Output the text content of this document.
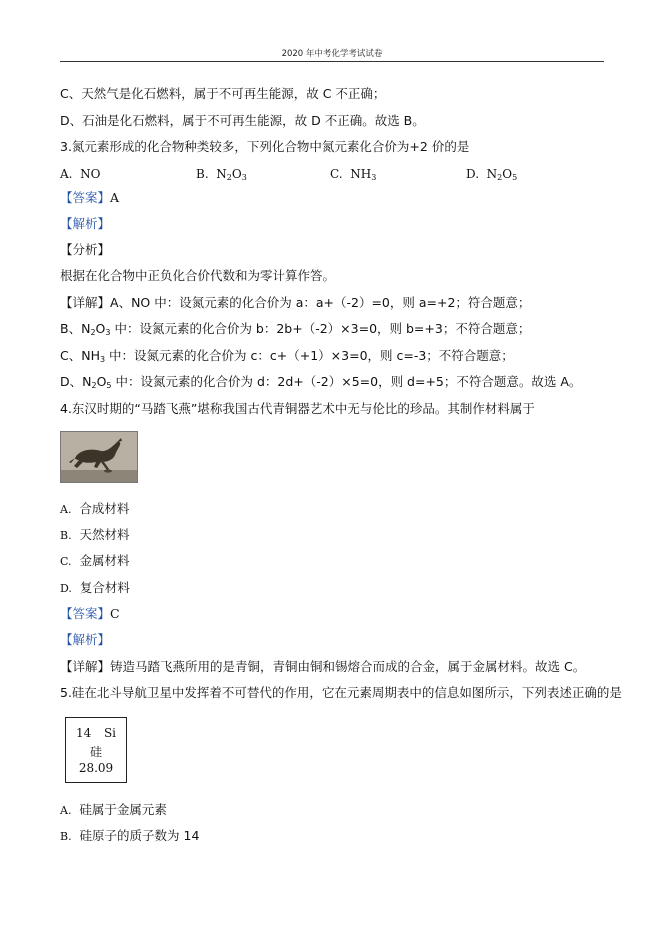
2020 年中考化学考试试卷
C、天然气是化石燃料，属于不可再生能源，故 C 不正确；
D、石油是化石燃料，属于不可再生能源，故 D 不正确。故选 B。
3.氮元素形成的化合物种类较多，下列化合物中氮元素化合价为+2 价的是
A. NO	B. $N_2O_3$	C. $NH_3$	D. $N_2O_5$
【答案】A
【解析】
【分析】
根据在化合物中正负化合价代数和为零计算作答。
【详解】A、NO 中：设氮元素的化合价为 a：a+（-2）=0，则 a=+2；符合题意；
B、$N_2O_3$ 中：设氮元素的化合价为 b：2b+（-2）×3=0，则 b=+3；不符合题意；
C、$NH_3$ 中：设氮元素的化合价为 c：c+（+1）×3=0，则 c=-3；不符合题意；
D、$N_2O_5$ 中：设氮元素的化合价为 d：2d+（-2）×5=0，则 d=+5；不符合题意。故选 A。
4.东汉时期的“马踏飞燕”堪称我国古代青铜器艺术中无与伦比的珍品。其制作材料属于
A. 合成材料
B. 天然材料
C. 金属材料
D. 复合材料
【答案】C
【解析】
【详解】铸造马踏飞燕所用的是青铜，青铜由铜和锡熔合而成的合金，属于金属材料。故选 C。
5.硅在北斗导航卫星中发挥着不可替代的作用，它在元素周期表中的信息如图所示，下列表述正确的是
14 Si
硅
28.09
A. 硅属于金属元素
B. 硅原子的质子数为 14
